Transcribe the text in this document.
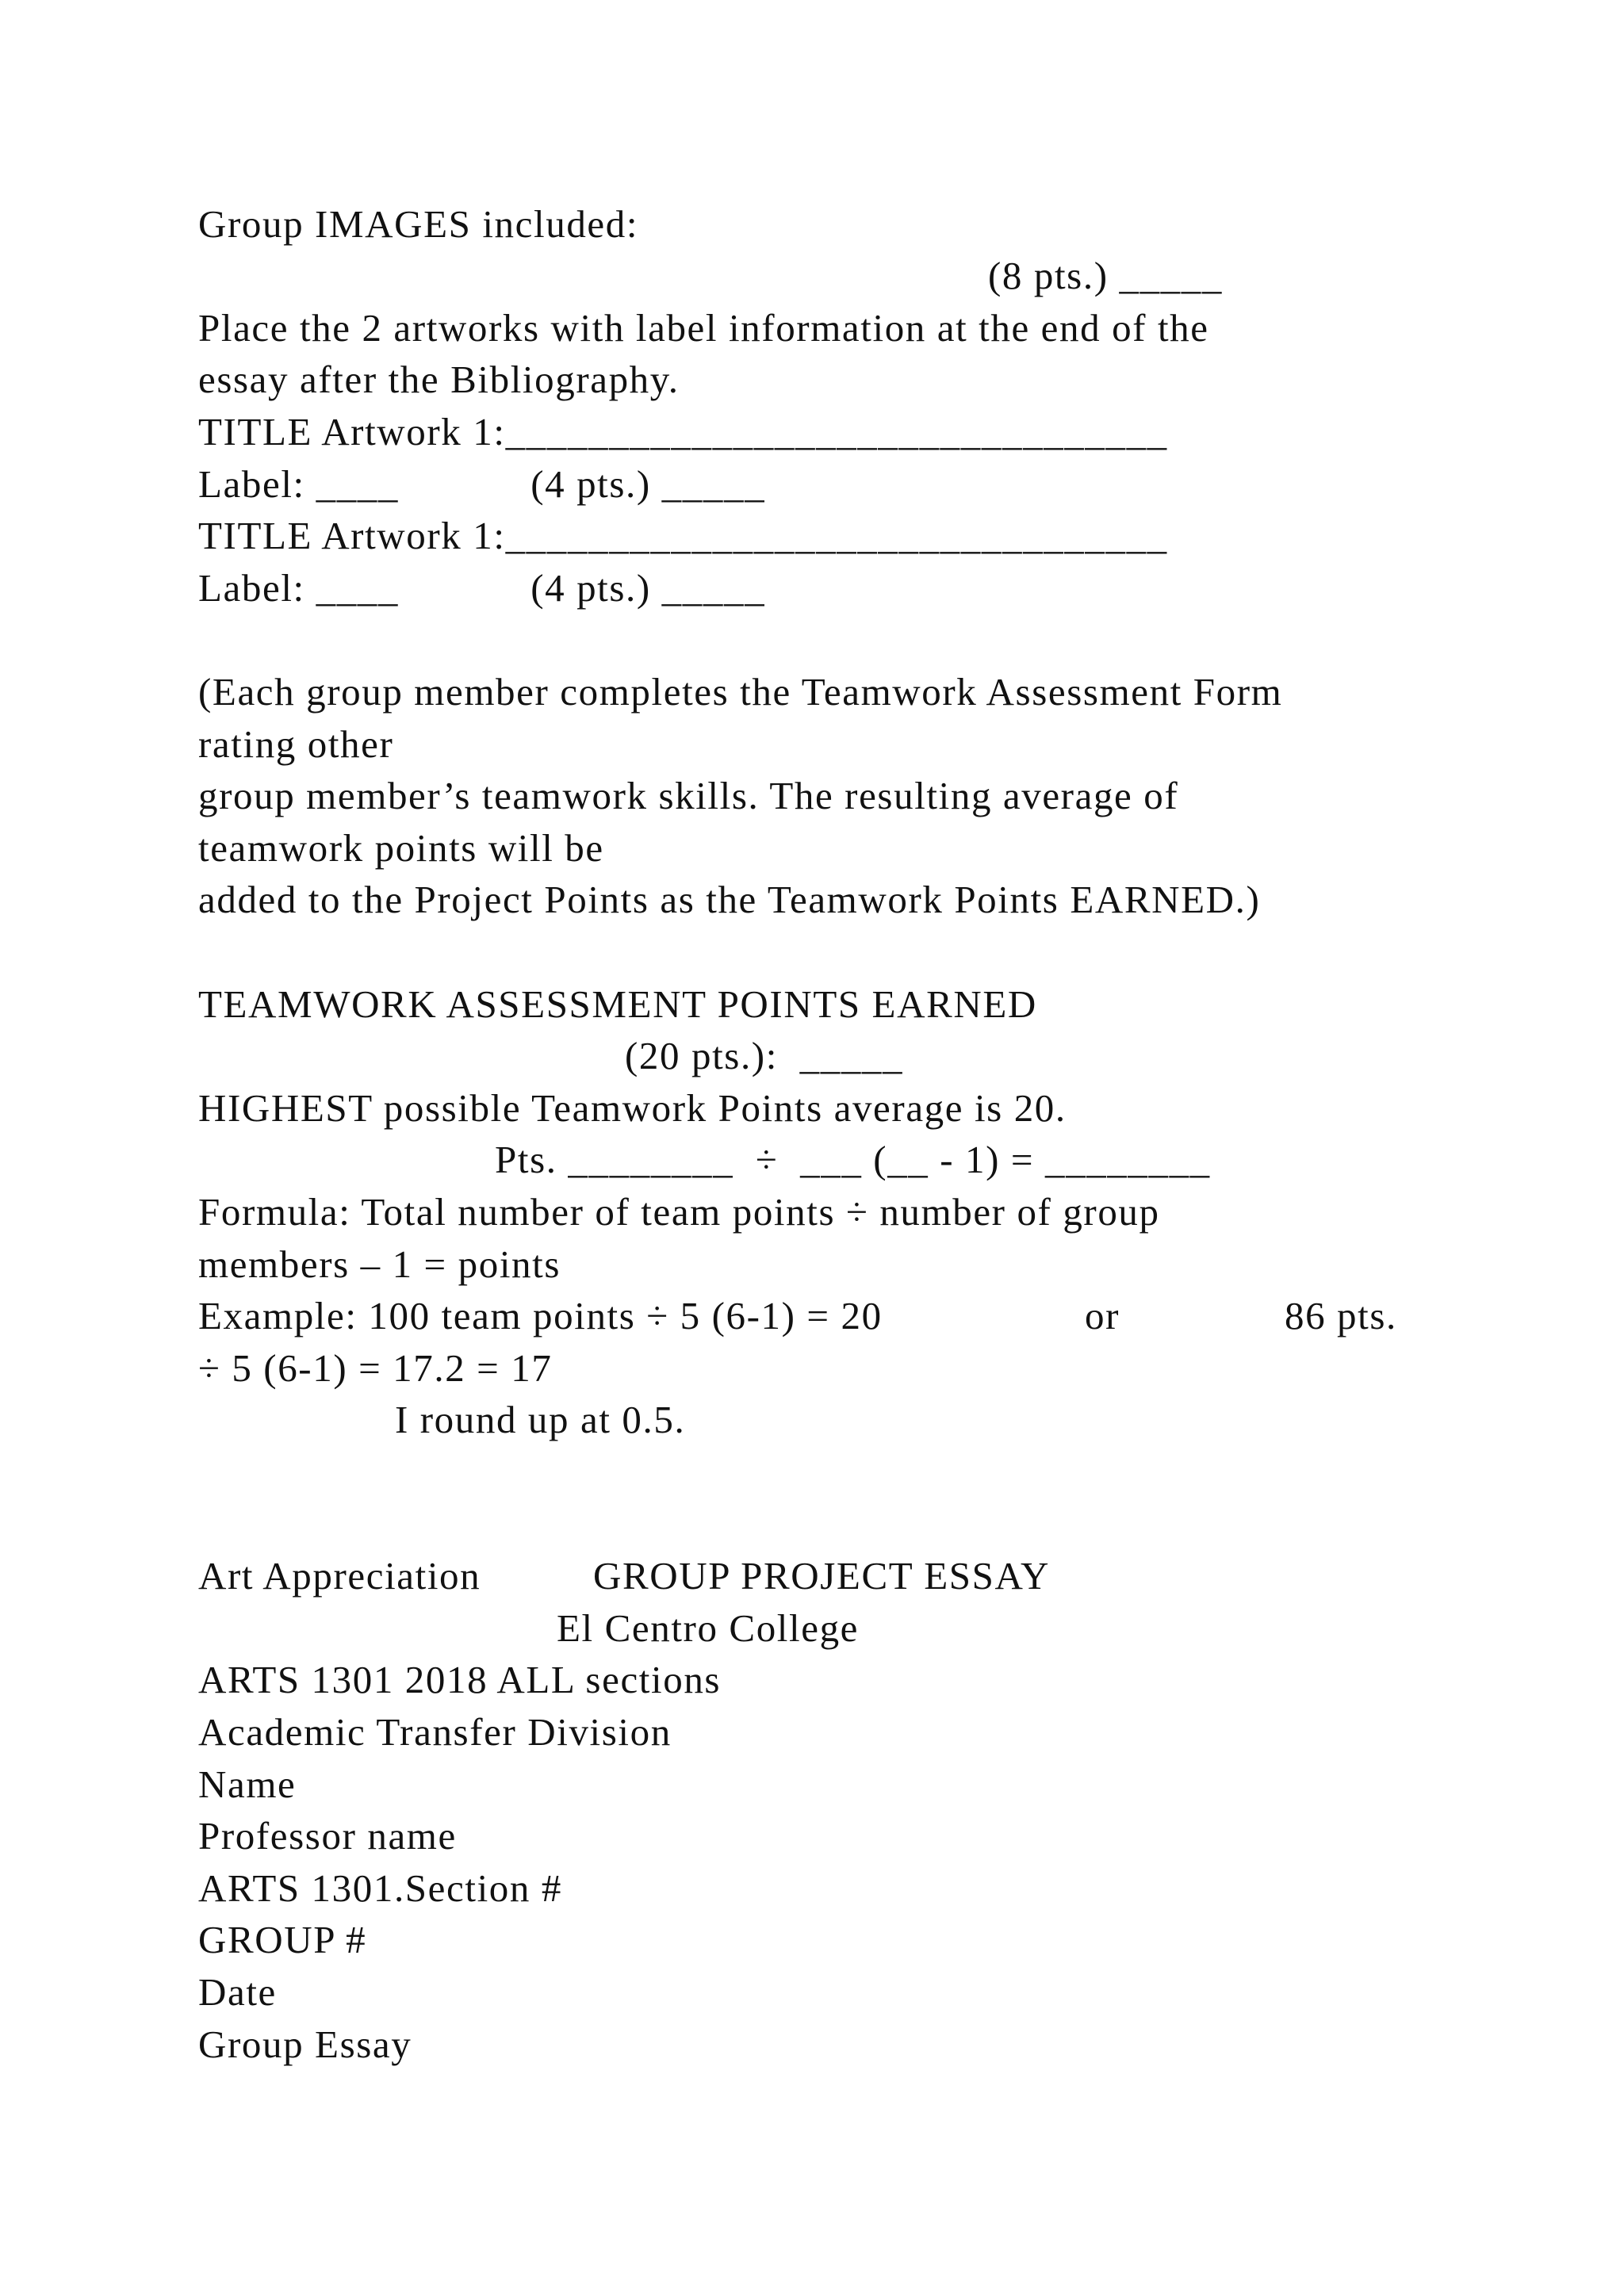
Group IMAGES included:
(8 pts.) _____
Place the 2 artworks with label information at the end of the
essay after the Bibliography.
TITLE Artwork 1:________________________________
Label: ____            (4 pts.) _____
TITLE Artwork 1:________________________________
Label: ____            (4 pts.) _____
(Each group member completes the Teamwork Assessment Form
rating other
group member’s teamwork skills. The resulting average of
teamwork points will be
added to the Project Points as the Teamwork Points EARNED.)
TEAMWORK ASSESSMENT POINTS EARNED
(20 pts.):  _____
HIGHEST possible Teamwork Points average is 20.
Pts. ________  ÷  ___ (__ - 1) = ________
Formula: Total number of team points ÷ number of group
members – 1 = points
Example: 100 team points ÷ 5 (6-1) = 20	or	86 pts.
÷ 5 (6-1) = 17.2 = 17
I round up at 0.5.
Art Appreciation	GROUP PROJECT ESSAY
El Centro College
ARTS 1301 2018 ALL sections
Academic Transfer Division
Name
Professor name
ARTS 1301.Section #
GROUP #
Date
Group Essay
